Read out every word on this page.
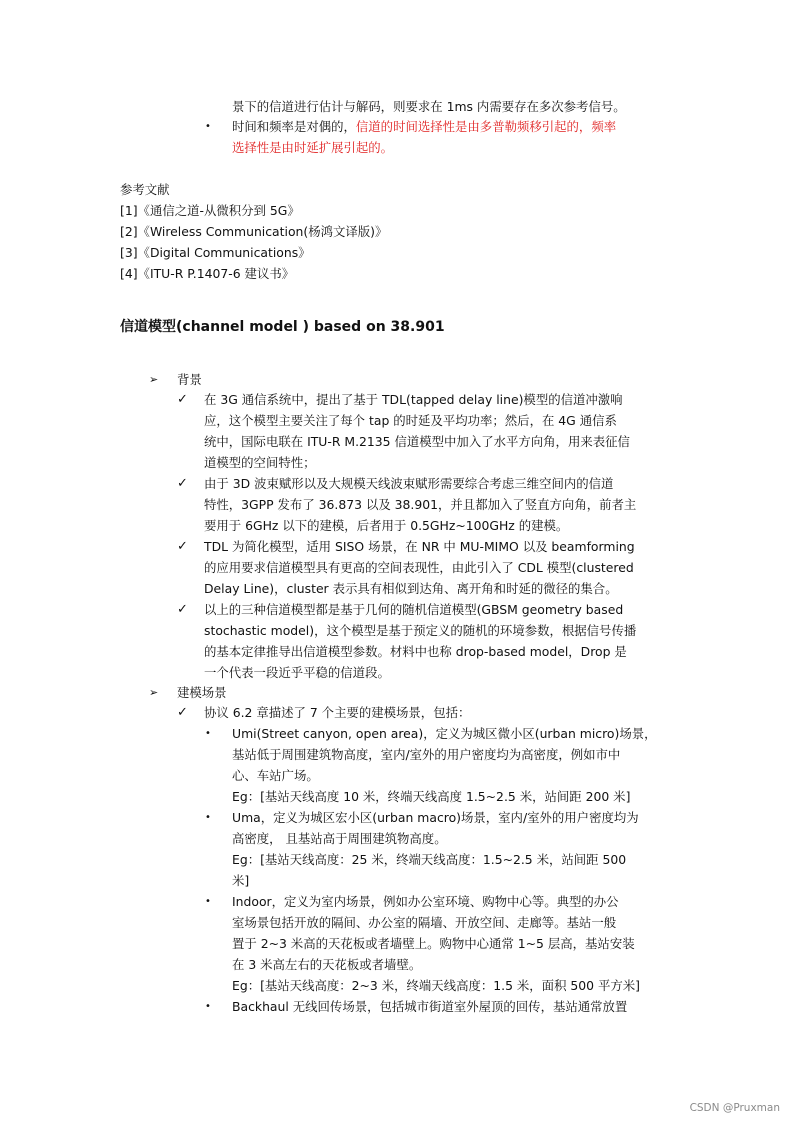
景下的信道进行估计与解码，则要求在 1ms 内需要存在多次参考信号。
• 时间和频率是对偶的，信道的时间选择性是由多普勒频移引起的，频率
选择性是由时延扩展引起的。
参考文献
[1]《通信之道-从微积分到 5G》
[2]《Wireless Communication(杨鸿文译版)》
[3]《Digital Communications》
[4]《ITU-R P.1407-6 建议书》
信道模型(channel model ) based on 38.901
➢ 背景
✓ 在 3G 通信系统中，提出了基于 TDL(tapped delay line)模型的信道冲激响
应，这个模型主要关注了每个 tap 的时延及平均功率；然后，在 4G 通信系
统中，国际电联在 ITU-R M.2135 信道模型中加入了水平方向角，用来表征信
道模型的空间特性；
✓ 由于 3D 波束赋形以及大规模天线波束赋形需要综合考虑三维空间内的信道
特性，3GPP 发布了 36.873 以及 38.901，并且都加入了竖直方向角，前者主
要用于 6GHz 以下的建模，后者用于 0.5GHz~100GHz 的建模。
✓ TDL 为简化模型，适用 SISO 场景，在 NR 中 MU-MIMO 以及 beamforming
的应用要求信道模型具有更高的空间表现性，由此引入了 CDL 模型(clustered
Delay Line)，cluster 表示具有相似到达角、离开角和时延的微径的集合。
✓ 以上的三种信道模型都是基于几何的随机信道模型(GBSM geometry based
stochastic model)，这个模型是基于预定义的随机的环境参数，根据信号传播
的基本定律推导出信道模型参数。材料中也称 drop-based model，Drop 是
一个代表一段近乎平稳的信道段。
➢ 建模场景
✓ 协议 6.2 章描述了 7 个主要的建模场景，包括：
• Umi(Street canyon, open area)，定义为城区微小区(urban micro)场景，
基站低于周围建筑物高度，室内/室外的用户密度均为高密度，例如市中
心、车站广场。
Eg：[基站天线高度 10 米，终端天线高度 1.5~2.5 米，站间距 200 米]
• Uma，定义为城区宏小区(urban macro)场景，室内/室外的用户密度均为
高密度， 且基站高于周围建筑物高度。
Eg：[基站天线高度：25 米，终端天线高度：1.5~2.5 米，站间距 500
米]
• Indoor，定义为室内场景，例如办公室环境、购物中心等。典型的办公
室场景包括开放的隔间、办公室的隔墙、开放空间、走廊等。基站一般
置于 2~3 米高的天花板或者墙壁上。购物中心通常 1~5 层高，基站安装
在 3 米高左右的天花板或者墙壁。
Eg：[基站天线高度：2~3 米，终端天线高度：1.5 米，面积 500 平方米]
• Backhaul 无线回传场景，包括城市街道室外屋顶的回传，基站通常放置
CSDN @Pruxman
